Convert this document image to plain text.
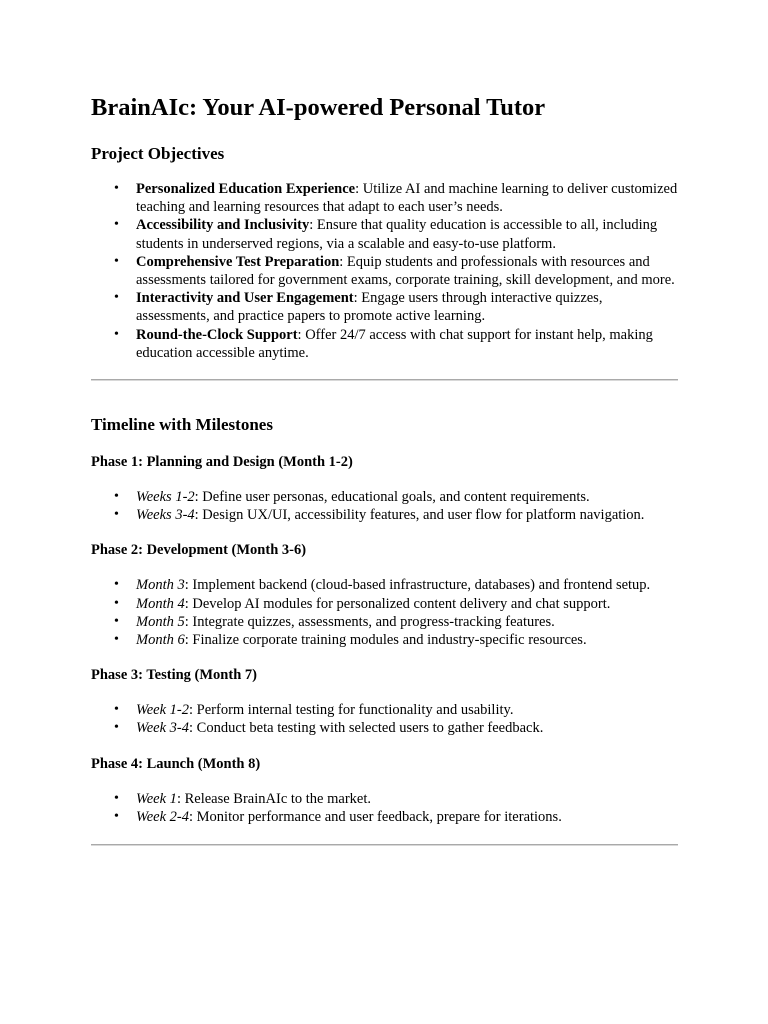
BrainAIc: Your AI-powered Personal Tutor
Project Objectives
• Personalized Education Experience: Utilize AI and machine learning to deliver customized teaching and learning resources that adapt to each user’s needs.
• Accessibility and Inclusivity: Ensure that quality education is accessible to all, including students in underserved regions, via a scalable and easy-to-use platform.
• Comprehensive Test Preparation: Equip students and professionals with resources and assessments tailored for government exams, corporate training, skill development, and more.
• Interactivity and User Engagement: Engage users through interactive quizzes, assessments, and practice papers to promote active learning.
• Round-the-Clock Support: Offer 24/7 access with chat support for instant help, making education accessible anytime.
Timeline with Milestones
Phase 1: Planning and Design (Month 1-2)
• Weeks 1-2: Define user personas, educational goals, and content requirements.
• Weeks 3-4: Design UX/UI, accessibility features, and user flow for platform navigation.
Phase 2: Development (Month 3-6)
• Month 3: Implement backend (cloud-based infrastructure, databases) and frontend setup.
• Month 4: Develop AI modules for personalized content delivery and chat support.
• Month 5: Integrate quizzes, assessments, and progress-tracking features.
• Month 6: Finalize corporate training modules and industry-specific resources.
Phase 3: Testing (Month 7)
• Week 1-2: Perform internal testing for functionality and usability.
• Week 3-4: Conduct beta testing with selected users to gather feedback.
Phase 4: Launch (Month 8)
• Week 1: Release BrainAIc to the market.
• Week 2-4: Monitor performance and user feedback, prepare for iterations.
